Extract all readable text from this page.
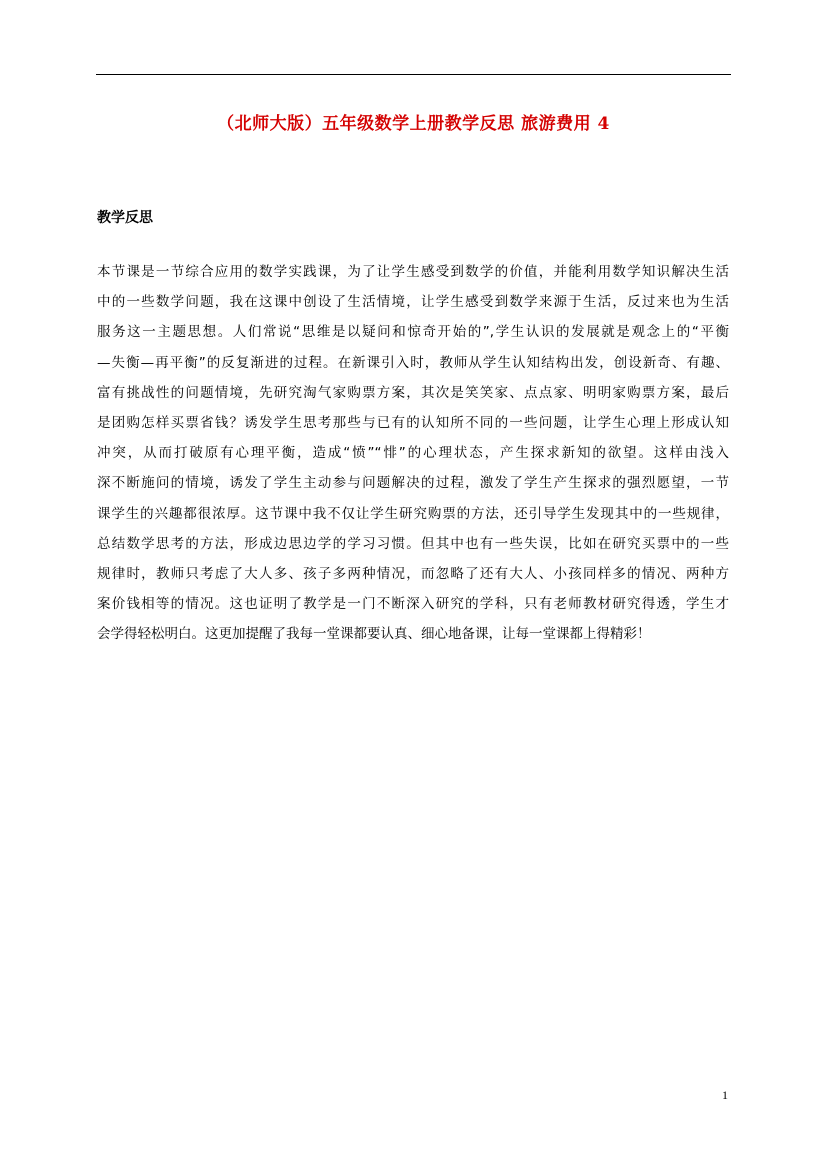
（北师大版）五年级数学上册教学反思 旅游费用 4
教学反思
本节课是一节综合应用的数学实践课，为了让学生感受到数学的价值，并能利用数学知识解决生活
中的一些数学问题，我在这课中创设了生活情境，让学生感受到数学来源于生活，反过来也为生活
服务这一主题思想。人们常说“思维是以疑问和惊奇开始的”,学生认识的发展就是观念上的“平衡
—失衡—再平衡”的反复渐进的过程。在新课引入时，教师从学生认知结构出发，创设新奇、有趣、
富有挑战性的问题情境，先研究淘气家购票方案，其次是笑笑家、点点家、明明家购票方案，最后
是团购怎样买票省钱？诱发学生思考那些与已有的认知所不同的一些问题，让学生心理上形成认知
冲突，从而打破原有心理平衡，造成“愤”“悱”的心理状态，产生探求新知的欲望。这样由浅入
深不断施问的情境，诱发了学生主动参与问题解决的过程，激发了学生产生探求的强烈愿望，一节
课学生的兴趣都很浓厚。这节课中我不仅让学生研究购票的方法，还引导学生发现其中的一些规律，
总结数学思考的方法，形成边思边学的学习习惯。但其中也有一些失误，比如在研究买票中的一些
规律时，教师只考虑了大人多、孩子多两种情况，而忽略了还有大人、小孩同样多的情况、两种方
案价钱相等的情况。这也证明了教学是一门不断深入研究的学科，只有老师教材研究得透，学生才
会学得轻松明白。这更加提醒了我每一堂课都要认真、细心地备课，让每一堂课都上得精彩！
1
